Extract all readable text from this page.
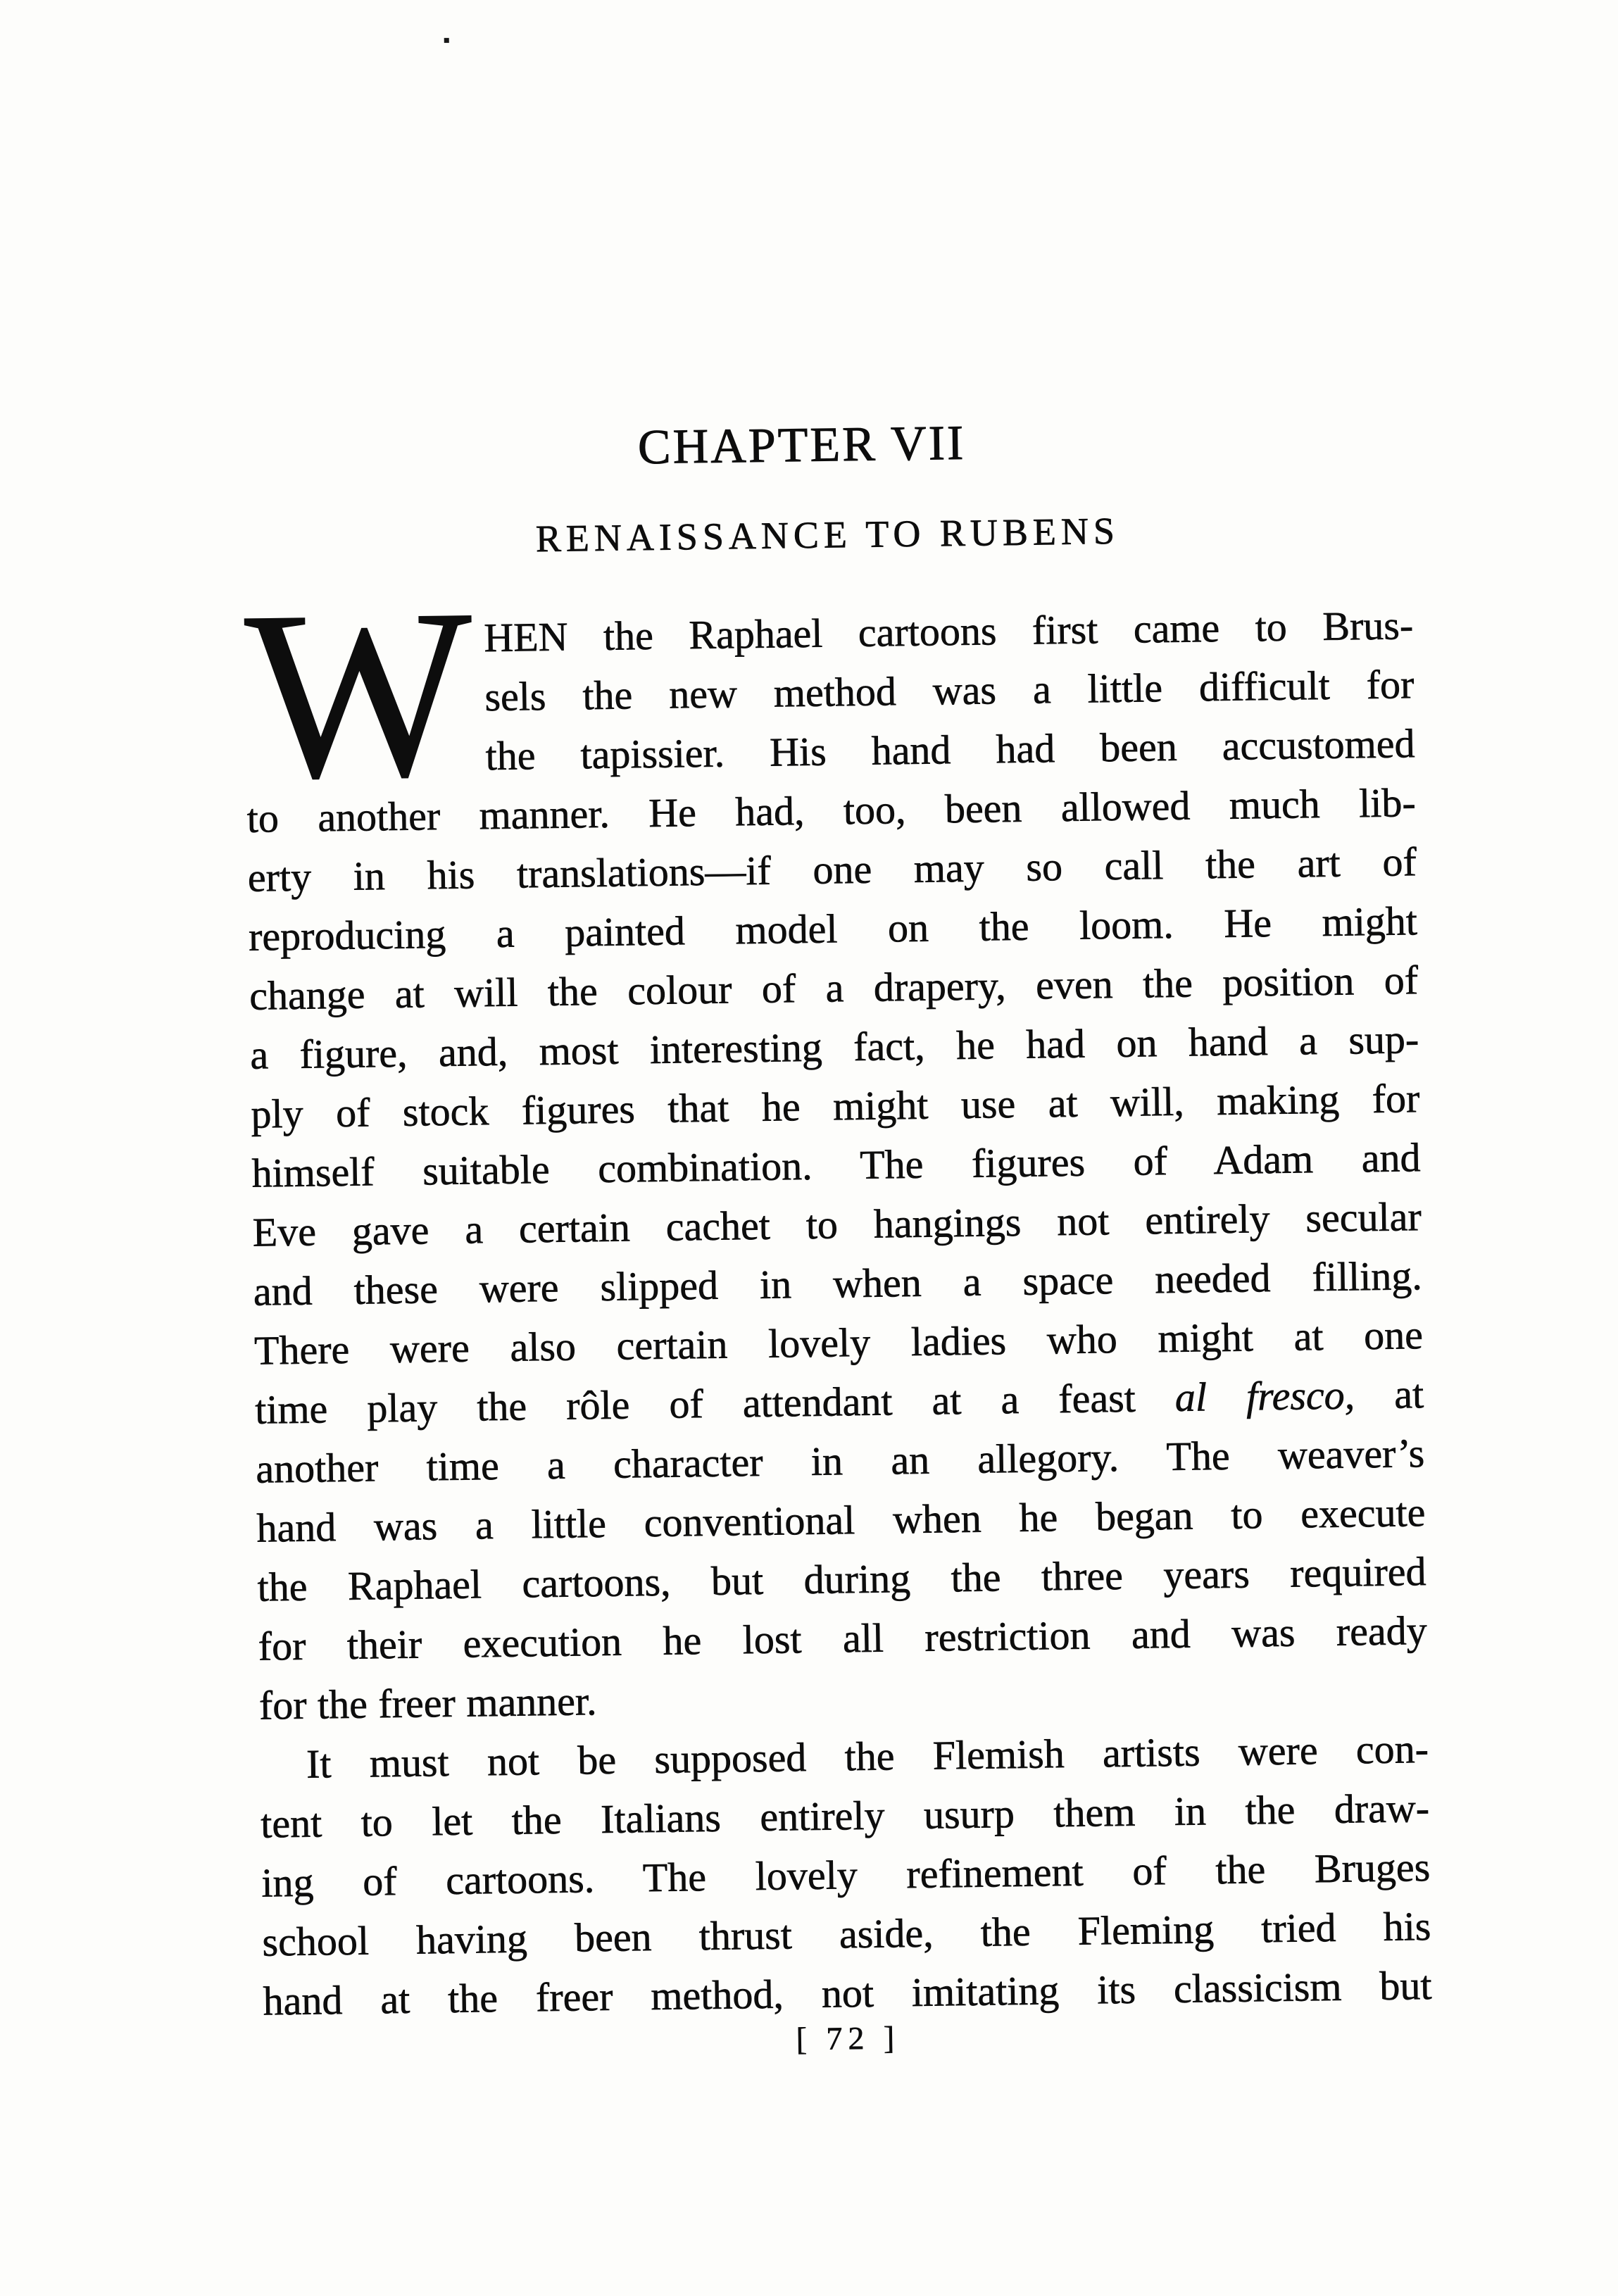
CHAPTER VII
RENAISSANCE TO RUBENS
W HEN the Raphael cartoons first came to Brus-
sels the new method was a little difficult for
the tapissier. His hand had been accustomed
to another manner. He had, too, been allowed much lib-
erty in his translations—if one may so call the art of
reproducing a painted model on the loom. He might
change at will the colour of a drapery, even the position of
a figure, and, most interesting fact, he had on hand a sup-
ply of stock figures that he might use at will, making for
himself suitable combination. The figures of Adam and
Eve gave a certain cachet to hangings not entirely secular
and these were slipped in when a space needed filling.
There were also certain lovely ladies who might at one
time play the rôle of attendant at a feast al fresco, at
another time a character in an allegory. The weaver’s
hand was a little conventional when he began to execute
the Raphael cartoons, but during the three years required
for their execution he lost all restriction and was ready
for the freer manner.
It must not be supposed the Flemish artists were con-
tent to let the Italians entirely usurp them in the draw-
ing of cartoons. The lovely refinement of the Bruges
school having been thrust aside, the Fleming tried his
hand at the freer method, not imitating its classicism but
[ 72 ]
